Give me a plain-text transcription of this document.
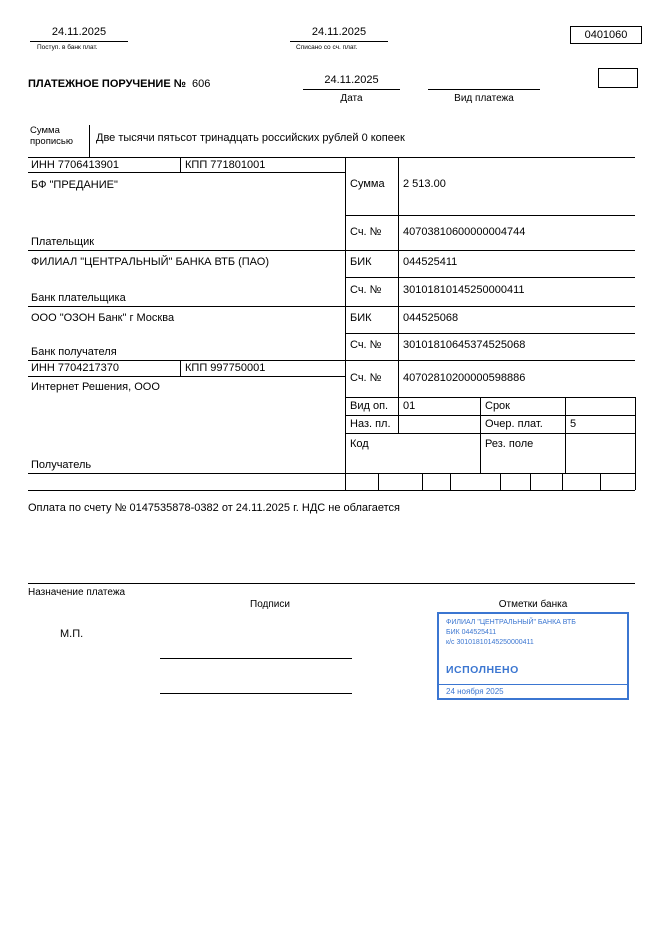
24.11.2025
Поступ. в банк плат.
24.11.2025
Списано со сч. плат.
0401060
ПЛАТЕЖНОЕ ПОРУЧЕНИЕ № 606	24.11.2025
Дата	Вид платежа
Сумма прописью	Две тысячи пятьсот тринадцать российских рублей 0 копеек
ИНН 7706413901	КПП 771801001
БФ "ПРЕДАНИЕ"
Плательщик
Сумма 2 513.00
Сч. № 40703810600000004744
ФИЛИАЛ "ЦЕНТРАЛЬНЫЙ" БАНКА ВТБ (ПАО)
Банк плательщика
БИК	044525411
Сч. № 30101810145250000411
ООО "ОЗОН Банк" г Москва
Банк получателя
БИК	044525068
Сч. № 30101810645374525068
ИНН 7704217370	КПП 997750001
Интернет Решения, ООО
Получатель
Сч. № 40702810200000598886
Вид оп. 01	Срок
Наз. пл.	Очер. плат. 5
Код	Рез. поле
Оплата по счету № 0147535878-0382 от 24.11.2025 г. НДС не облагается
Назначение платежа
Подписи	Отметки банка
М.П.
ФИЛИАЛ "ЦЕНТРАЛЬНЫЙ" БАНКА ВТБ
БИК 044525411
к/с 30101810145250000411
ИСПОЛНЕНО
24 ноября 2025
